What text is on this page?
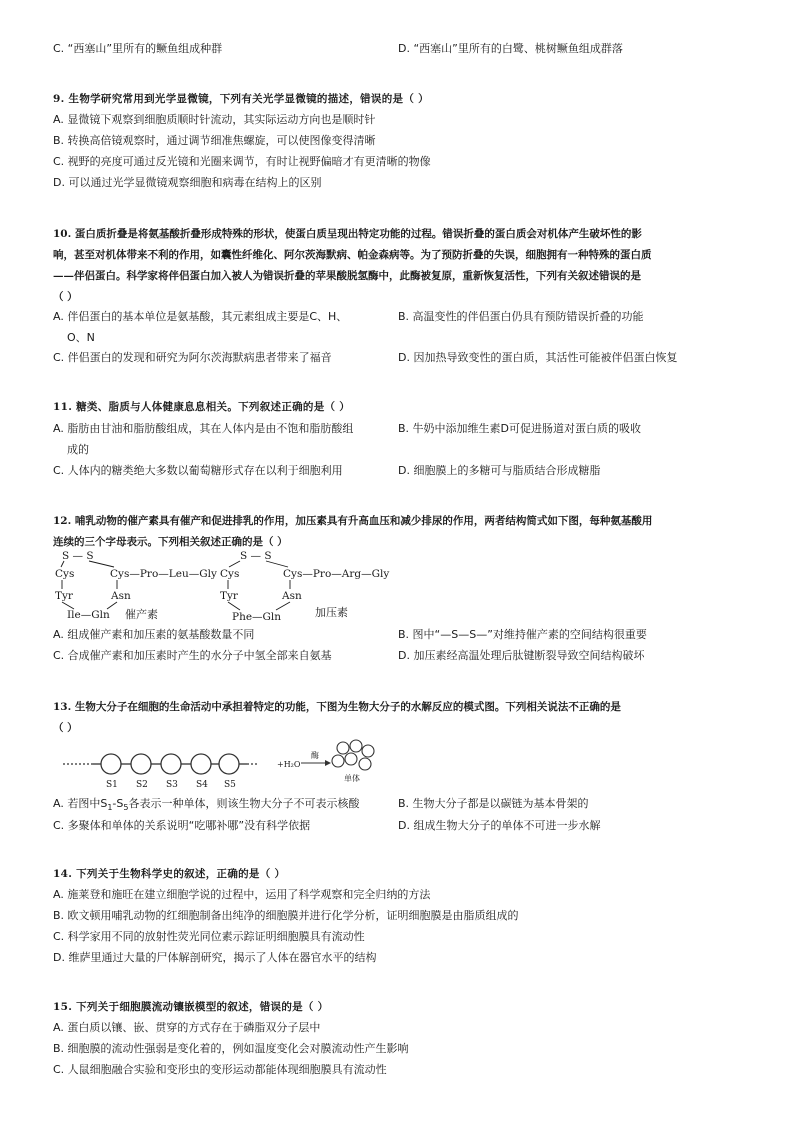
C. “西塞山”里所有的鳜鱼组成种群	D. “西塞山”里所有的白鹭、桃树鳜鱼组成群落
9. 生物学研究常用到光学显微镜，下列有关光学显微镜的描述，错误的是（ ）
A. 显微镜下观察到细胞质顺时针流动，其实际运动方向也是顺时针
B. 转换高倍镜观察时，通过调节细准焦螺旋，可以使图像变得清晰
C. 视野的亮度可通过反光镜和光圈来调节，有时让视野偏暗才有更清晰的物像
D. 可以通过光学显微镜观察细胞和病毒在结构上的区别
10. 蛋白质折叠是将氨基酸折叠形成特殊的形状，使蛋白质呈现出特定功能的过程。错误折叠的蛋白质会对机体产生破坏性的影
响，甚至对机体带来不利的作用，如囊性纤维化、阿尔茨海默病、帕金森病等。为了预防折叠的失误，细胞拥有一种特殊的蛋白质
——伴侣蛋白。科学家将伴侣蛋白加入被人为错误折叠的苹果酸脱氢酶中，此酶被复原，重新恢复活性，下列有关叙述错误的是
（ ）
A. 伴侣蛋白的基本单位是氨基酸，其元素组成主要是C、H、
O、N
B. 高温变性的伴侣蛋白仍具有预防错误折叠的功能
C. 伴侣蛋白的发现和研究为阿尔茨海默病患者带来了福音	D. 因加热导致变性的蛋白质，其活性可能被伴侣蛋白恢复
11. 糖类、脂质与人体健康息息相关。下列叙述正确的是（ ）
A. 脂肪由甘油和脂肪酸组成，其在人体内是由不饱和脂肪酸组
成的
B. 牛奶中添加维生素D可促进肠道对蛋白质的吸收
C. 人体内的糖类绝大多数以葡萄糖形式存在以利于细胞利用	D. 细胞膜上的多糖可与脂质结合形成糖脂
12. 哺乳动物的催产素具有催产和促进排乳的作用，加压素具有升高血压和减少排尿的作用，两者结构简式如下图，每种氨基酸用
连续的三个字母表示。下列相关叙述正确的是（ ）
S — S
Cys	Cys—Pro—Leu—Gly
Tyr	Asn
Ile—Gln 催产素
S — S
Cys	Cys—Pro—Arg—Gly
Tyr	Asn
Phe—Gln	加压素
A. 组成催产素和加压素的氨基酸数量不同	B. 图中“—S—S—”对维持催产素的空间结构很重要
C. 合成催产素和加压素时产生的水分子中氢全部来自氨基	D. 加压素经高温处理后肽键断裂导致空间结构破坏
13. 生物大分子在细胞的生命活动中承担着特定的功能，下图为生物大分子的水解反应的模式图。下列相关说法不正确的是
（ ）
S1 S2 S3 S4 S5
+H₂O
酶
单体
A. 若图中$S_1-S_5$各表示一种单体，则该生物大分子不可表示核酸	B. 生物大分子都是以碳链为基本骨架的
C. 多聚体和单体的关系说明“吃哪补哪”没有科学依据	D. 组成生物大分子的单体不可进一步水解
14. 下列关于生物科学史的叙述，正确的是（ ）
A. 施莱登和施旺在建立细胞学说的过程中，运用了科学观察和完全归纳的方法
B. 欧文顿用哺乳动物的红细胞制备出纯净的细胞膜并进行化学分析，证明细胞膜是由脂质组成的
C. 科学家用不同的放射性荧光同位素示踪证明细胞膜具有流动性
D. 维萨里通过大量的尸体解剖研究，揭示了人体在器官水平的结构
15. 下列关于细胞膜流动镶嵌模型的叙述，错误的是（ ）
A. 蛋白质以镶、嵌、贯穿的方式存在于磷脂双分子层中
B. 细胞膜的流动性强弱是变化着的，例如温度变化会对膜流动性产生影响
C. 人鼠细胞融合实验和变形虫的变形运动都能体现细胞膜具有流动性
